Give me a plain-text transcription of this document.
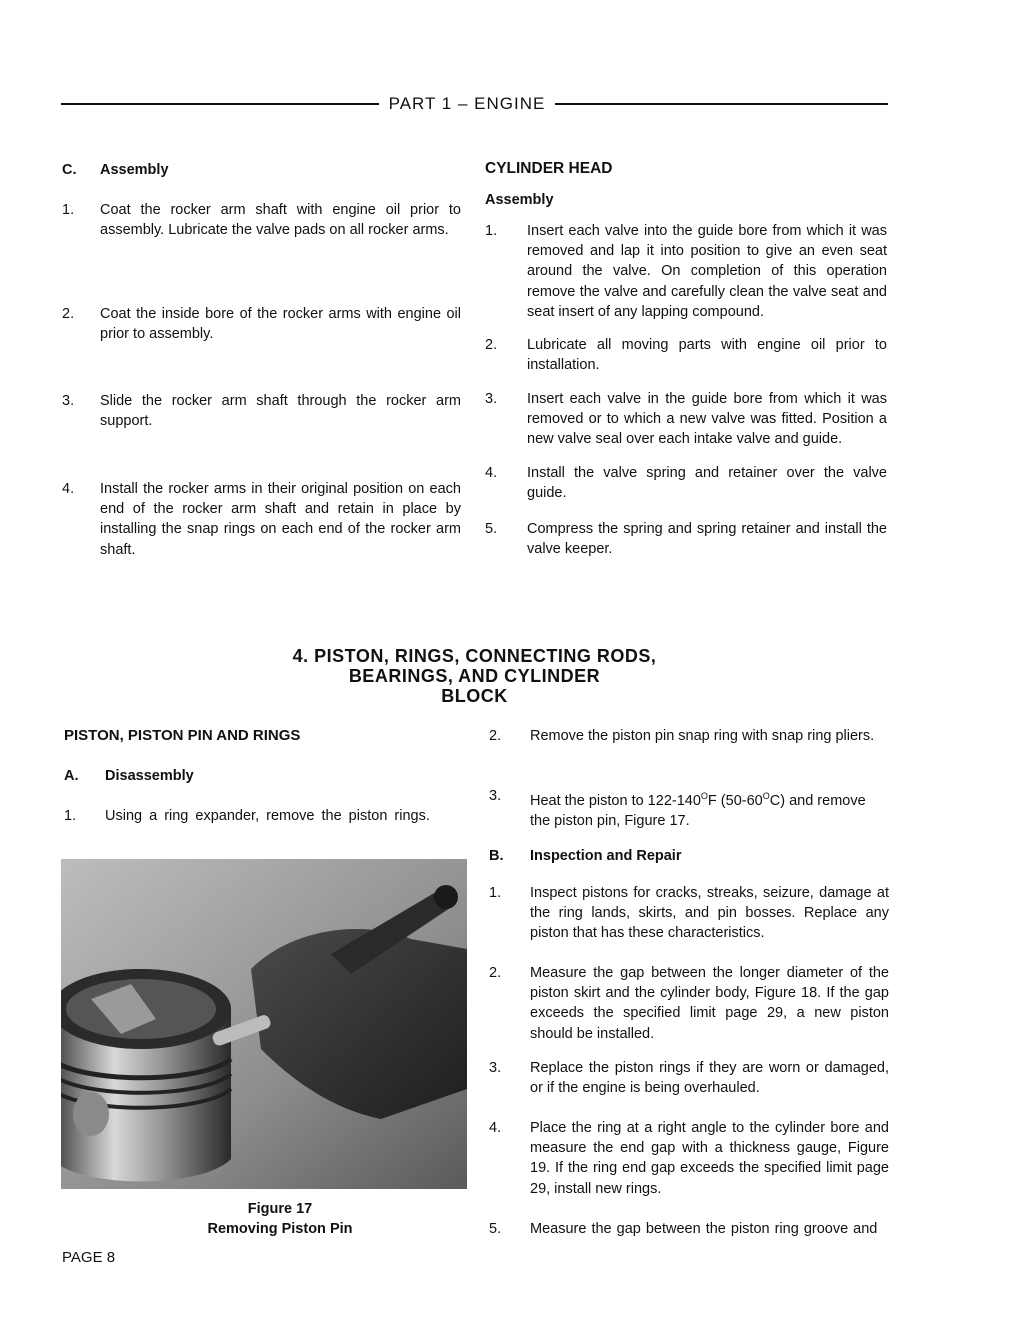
PART 1 – ENGINE
C. Assembly
1. Coat the rocker arm shaft with engine oil prior to assembly. Lubricate the valve pads on all rocker arms.
2. Coat the inside bore of the rocker arms with engine oil prior to assembly.
3. Slide the rocker arm shaft through the rocker arm support.
4. Install the rocker arms in their original position on each end of the rocker arm shaft and retain in place by installing the snap rings on each end of the rocker arm shaft.
CYLINDER HEAD
Assembly
1. Insert each valve into the guide bore from which it was removed and lap it into position to give an even seat around the valve. On completion of this operation remove the valve and carefully clean the valve seat and seat insert of any lapping compound.
2. Lubricate all moving parts with engine oil prior to installation.
3. Insert each valve in the guide bore from which it was removed or to which a new valve was fitted. Position a new valve seal over each intake valve and guide.
4. Install the valve spring and retainer over the valve guide.
5. Compress the spring and spring retainer and install the valve keeper.
4. PISTON, RINGS, CONNECTING RODS,
BEARINGS, AND CYLINDER
BLOCK
PISTON, PISTON PIN AND RINGS
A. Disassembly
1. Using a ring expander, remove the piston rings.
Figure 17
Removing Piston Pin
2. Remove the piston pin snap ring with snap ring pliers.
3. Heat the piston to $122-140^OF$ $(50-60^OC)$ and remove the piston pin, Figure 17.
B. Inspection and Repair
1. Inspect pistons for cracks, streaks, seizure, damage at the ring lands, skirts, and pin bosses. Replace any piston that has these characteristics.
2. Measure the gap between the longer diameter of the piston skirt and the cylinder body, Figure 18. If the gap exceeds the specified limit page 29, a new piston should be installed.
3. Replace the piston rings if they are worn or damaged, or if the engine is being overhauled.
4. Place the ring at a right angle to the cylinder bore and measure the end gap with a thickness gauge, Figure 19. If the ring end gap exceeds the specified limit page 29, install new rings.
5. Measure the gap between the piston ring groove and
PAGE 8
